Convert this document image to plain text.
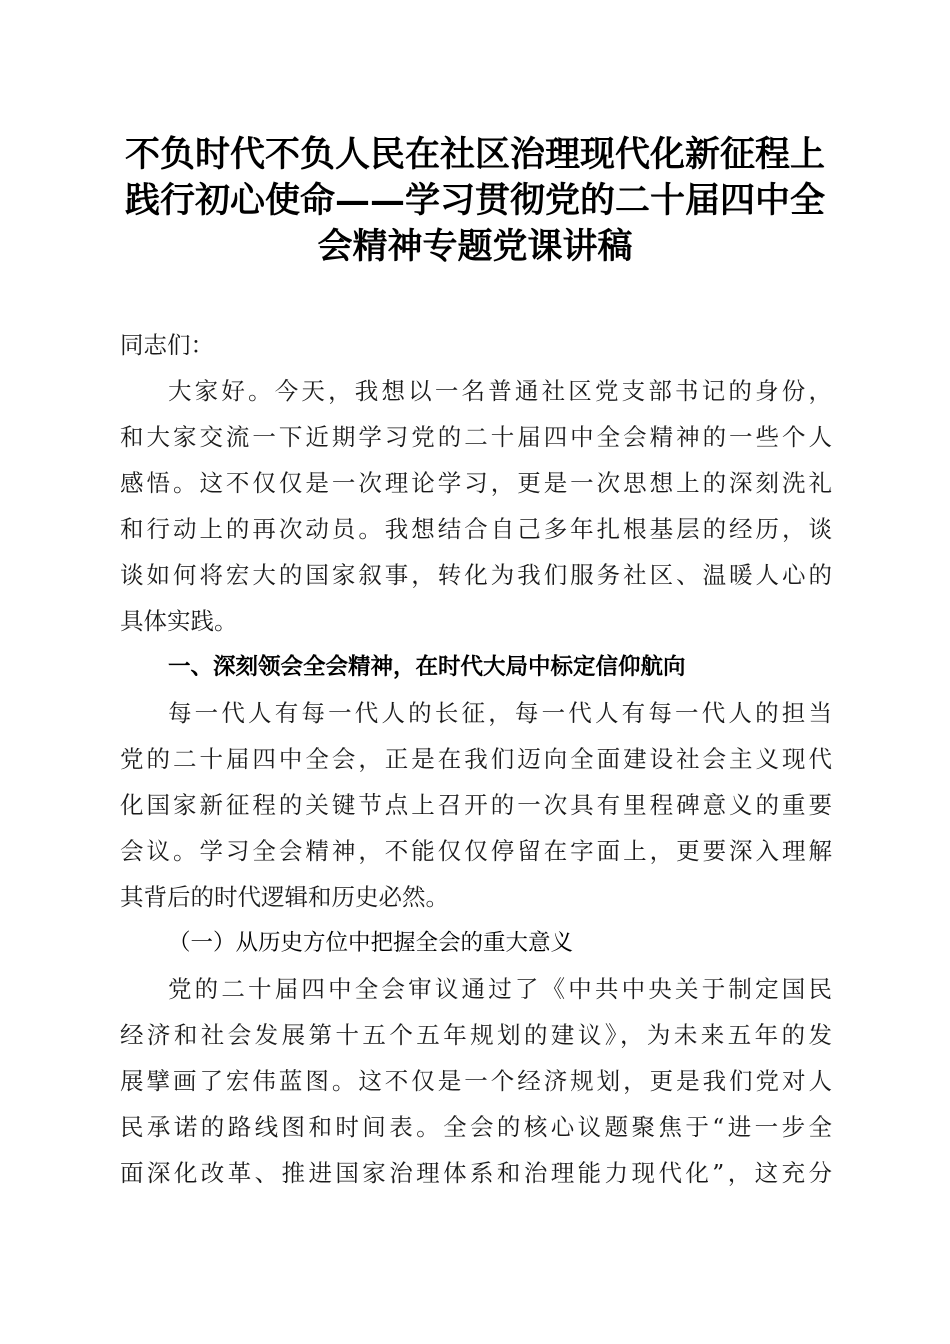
不负时代不负人民在社区治理现代化新征程上
践行初心使命——学习贯彻党的二十届四中全
会精神专题党课讲稿
同志们：
大家好。今天，我想以一名普通社区党支部书记的身份，
和大家交流一下近期学习党的二十届四中全会精神的一些个人
感悟。这不仅仅是一次理论学习，更是一次思想上的深刻洗礼
和行动上的再次动员。我想结合自己多年扎根基层的经历，谈
谈如何将宏大的国家叙事，转化为我们服务社区、温暖人心的
具体实践。
一、深刻领会全会精神，在时代大局中标定信仰航向
每一代人有每一代人的长征，每一代人有每一代人的担当
党的二十届四中全会，正是在我们迈向全面建设社会主义现代
化国家新征程的关键节点上召开的一次具有里程碑意义的重要
会议。学习全会精神，不能仅仅停留在字面上，更要深入理解
其背后的时代逻辑和历史必然。
（一）从历史方位中把握全会的重大意义
党的二十届四中全会审议通过了《中共中央关于制定国民
经济和社会发展第十五个五年规划的建议》，为未来五年的发
展擘画了宏伟蓝图。这不仅是一个经济规划，更是我们党对人
民承诺的路线图和时间表。全会的核心议题聚焦于“进一步全
面深化改革、推进国家治理体系和治理能力现代化”，这充分
